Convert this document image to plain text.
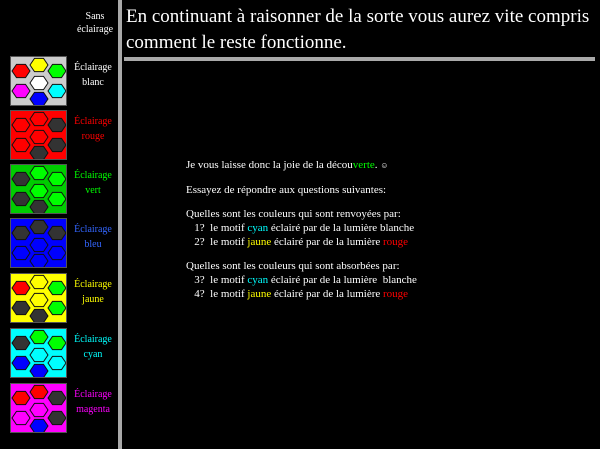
Sans
éclairage
Éclairage
blanc
Éclairage
rouge
Éclairage
vert
Éclairage
bleu
Éclairage
jaune
Éclairage
cyan
Éclairage
magenta
En continuant à raisonner de la sorte vous aurez vite compris comment le reste fonctionne.

Je vous laisse donc la joie de la découverte. ☺

Essayez de répondre aux questions suivantes:

Quelles sont les couleurs qui sont renvoyées par:

1?  le motif cyan éclairé par de la lumière blanche

2?  le motif jaune éclairé par de la lumière rouge

Quelles sont les couleurs qui sont absorbées par:

3?  le motif cyan éclairé par de la lumière  blanche

4?  le motif jaune éclairé par de la lumière rouge
